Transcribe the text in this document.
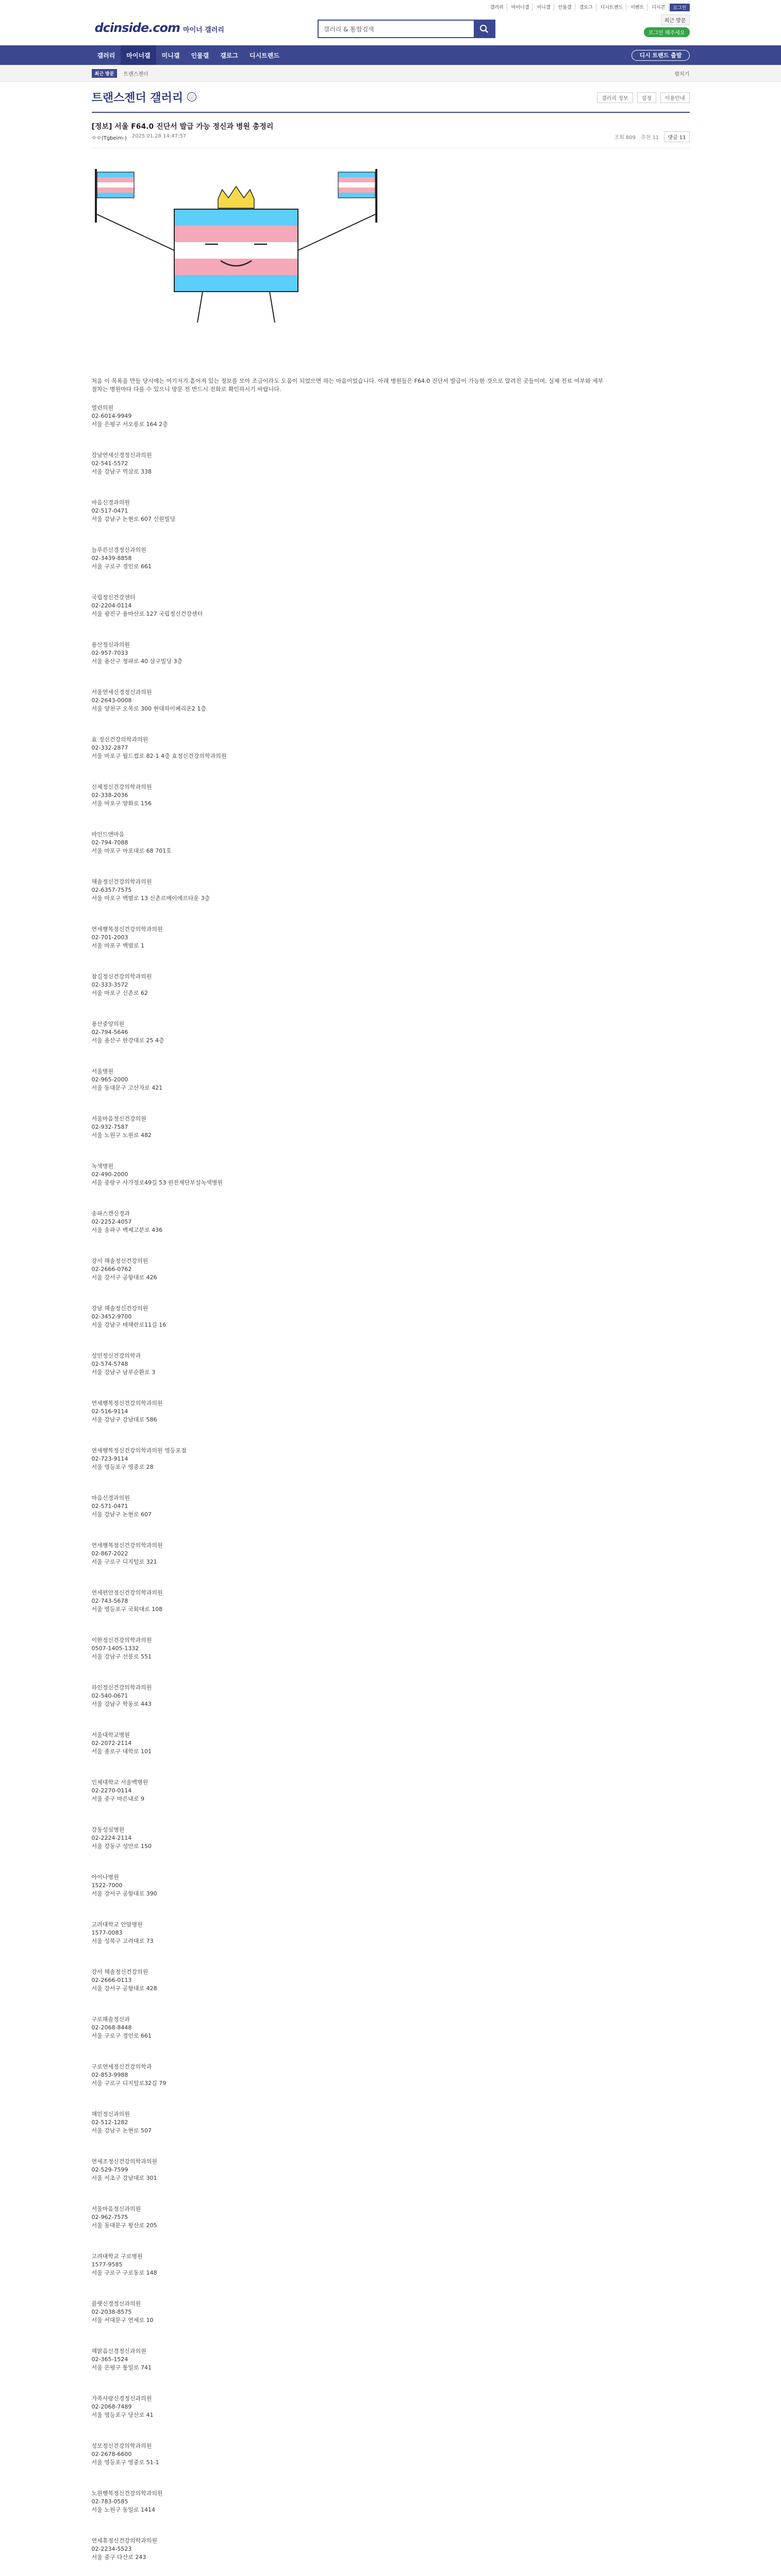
갤러리	마이너갤	미니갤	인물갤	갤로그	디시트렌드	이벤트	디시콘	로그인
dcinside.com 마이너 갤러리
갤러리 & 통합검색
최근 방문
로그인 해주세요
갤러리	마이너갤	미니갤	인물갤	갤로그	디시트렌드	디시 트렌드 출발
최근 방문	트랜스젠더	펼치기
트랜스젠더 갤러리	ⓘ	갤러리 정보	설정	이용안내
[정보] 서울 F64.0 진단서 발급 가능 정신과 병원 총정리
ㅇㅇ(Tgbeim-) 2025.01.28 14:47:57	조회 809 추천 11	댓글 11
처음 이 목록을 만들 당시에는 여기저기 흩어져 있는 정보를 모아 조금이라도 도움이 되었으면 하는 마음이었습니다. 아래 병원들은 F64.0 진단서 발급이 가능한 것으로 알려진 곳들이며, 실제 진료 여부와 세부 절차는 병원마다 다를 수 있으니 방문 전 반드시 전화로 확인하시기 바랍니다.
열린의원
02-6014-9949
서울 은평구 서오릉로 164 2층
강남연세신경정신과의원
02-541-5572
서울 강남구 역삼로 338
마음신경과의원
02-517-0471
서울 강남구 논현로 607 신원빌딩
늘푸른신경정신과의원
02-3439-8858
서울 구로구 경인로 661
국립정신건강센터
02-2204-0114
서울 광진구 용마산로 127 국립정신건강센터
용산정신과의원
02-957-7033
서울 용산구 청파로 40 삼구빌딩 3층
서울연세신경정신과의원
02-2643-0008
서울 양천구 오목로 300 현대하이페리온2 1층
효 정신건강의학과의원
02-332-2877
서울 마포구 월드컵로 82-1 4층 효정신건강의학과의원
신체정신건강의학과의원
02-338-2036
서울 마포구 양화로 156
마인드앤마음
02-794-7088
서울 마포구 마포대로 68 701호
해솔정신건강의학과의원
02-6357-7575
서울 마포구 백범로 13 신촌르메이에르타운 3층
연세행복정신건강의학과의원
02-701-2003
서울 마포구 백범로 1
참길정신건강의학과의원
02-333-3572
서울 마포구 신촌로 62
용산중앙의원
02-794-5646
서울 용산구 한강대로 25 4층
서울병원
02-965-2000
서울 동대문구 고산자로 421
서울마음정신건강의원
02-932-7587
서울 노원구 노원로 482
녹색병원
02-490-2000
서울 중랑구 사가정로49길 53 원진재단부설녹색병원
송파스캔신경과
02-2252-4057
서울 송파구 백제고분로 436
강서 해솔정신건강의원
02-2666-0762
서울 강서구 공항대로 426
강남 해솔정신건강의원
02-3452-9700
서울 강남구 테헤란로11길 16
성민정신건강의학과
02-574-5748
서울 강남구 남부순환로 3
연세행복정신건강의학과의원
02-516-9114
서울 강남구 강남대로 586
연세행복정신건강의학과의원 영등포점
02-723-9114
서울 영등포구 영중로 28
마음신경과의원
02-571-0471
서울 강남구 논현로 607
연세행복정신건강의학과의원
02-867-2022
서울 구로구 디지털로 321
연세편안정신건강의학과의원
02-743-5678
서울 영등포구 국회대로 108
이한정신건강의학과의원
0507-1405-1332
서울 강남구 선릉로 551
하인정신건강의학과의원
02-540-0671
서울 강남구 학동로 443
서울대학교병원
02-2072-2114
서울 종로구 대학로 101
인제대학교 서울백병원
02-2270-0114
서울 중구 마른내로 9
강동성심병원
02-2224-2114
서울 강동구 성안로 150
아이나병원
1522-7000
서울 강서구 공항대로 390
고려대학교 안암병원
1577-0083
서울 성북구 고려대로 73
강서 해솔정신건강의원
02-2666-0113
서울 강서구 공항대로 428
구로해솔정신과
02-2068-8448
서울 구로구 경인로 661
구로연세정신건강의학과
02-853-9988
서울 구로구 디지털로32길 79
해민정신과의원
02-512-1282
서울 강남구 논현로 507
연세조정신건강의학과의원
02-529-7599
서울 서초구 강남대로 301
서울마음정신과의원
02-962-7575
서울 동대문구 왕산로 205
고려대학교 구로병원
1577-9585
서울 구로구 구로동로 148
플랫신경정신과의원
02-2038-8575
서울 서대문구 연세로 10
해맑음신경정신과의원
02-365-1524
서울 은평구 통일로 741
가족사랑신경정신과의원
02-2068-7489
서울 영등포구 당산로 41
성모정신건강의학과의원
02-2678-6600
서울 영등포구 영중로 51-1
노원행복정신건강의학과의원
02-783-0585
서울 노원구 동일로 1414
연세휴정신건강의학과의원
02-2234-5523
서울 중구 다산로 243
